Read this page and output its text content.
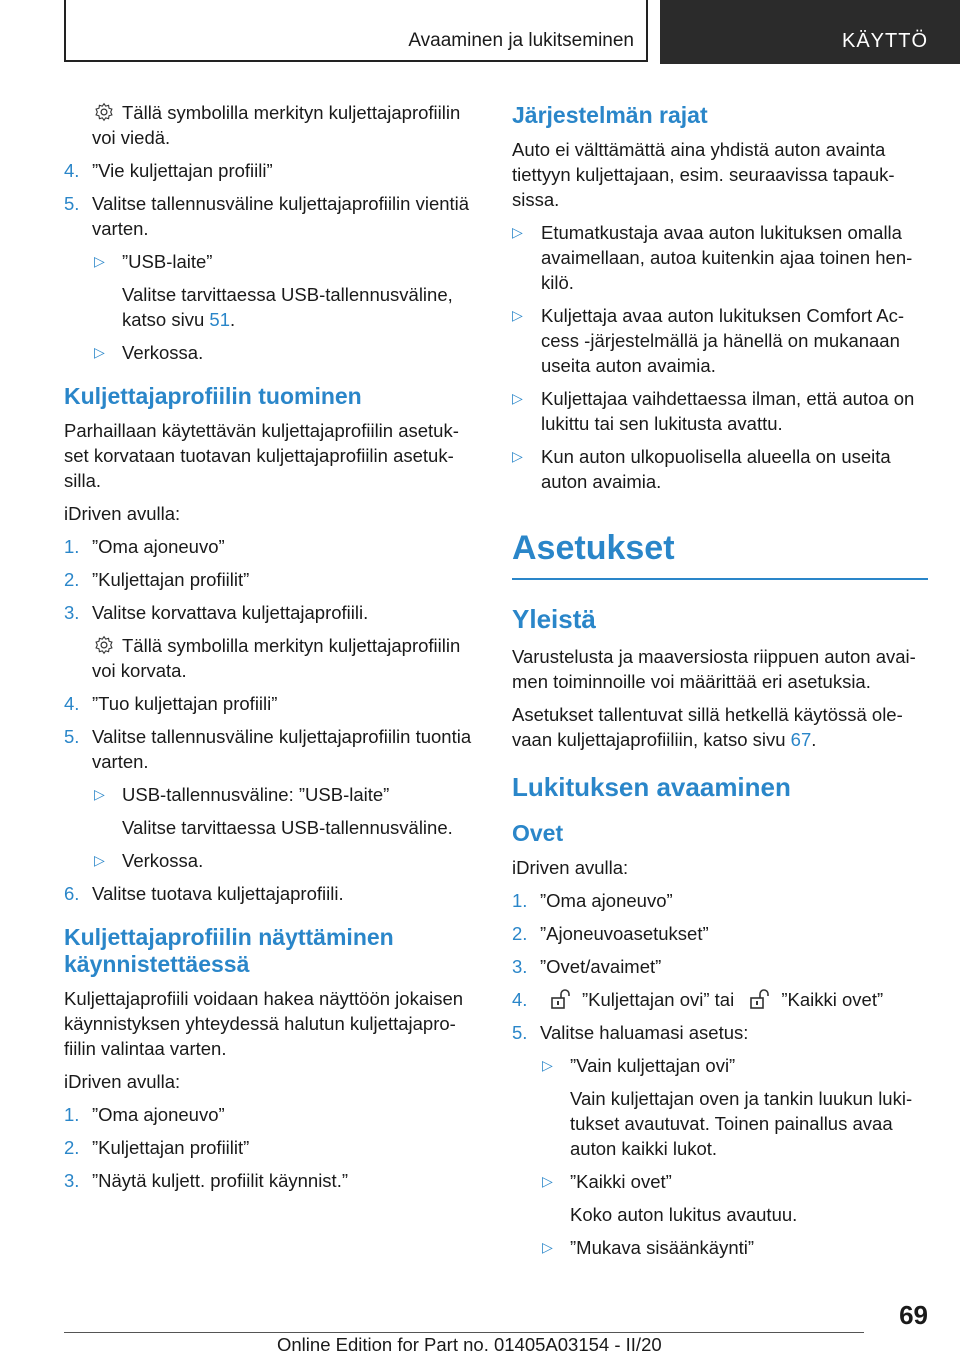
Avaaminen ja lukitseminen	KÄYTTÖ

Tällä symbolilla merkityn kuljettajaprofiilin voi viedä.

4. ”Vie kuljettajan profiili”
5. Valitse tallennusväline kuljettajaprofiilin vientiä varten.
▷ ”USB-laite”
Valitse tarvittaessa USB-tallennusväline, katso sivu 51.
▷ Verkossa.
Kuljettajaprofiilin tuominen

Parhaillaan käytettävän kuljettajaprofiilin asetukset korvataan tuotavan kuljettajaprofiilin asetuksilla.

iDriven avulla:

1. ”Oma ajoneuvo”
2. ”Kuljettajan profiilit”
3. Valitse korvattava kuljettajaprofiili.

Tällä symbolilla merkityn kuljettajaprofiilin voi korvata.

4. ”Tuo kuljettajan profiili”
5. Valitse tallennusväline kuljettajaprofiilin tuontia varten.
▷ USB-tallennusväline: ”USB-laite”
Valitse tarvittaessa USB-tallennusväline.
▷ Verkossa.
6. Valitse tuotava kuljettajaprofiili.
Kuljettajaprofiilin näyttäminen käynnistettäessä

Kuljettajaprofiili voidaan hakea näyttöön jokaisen käynnistyksen yhteydessä halutun kuljettajaprofiilin valintaa varten.

iDriven avulla:

1. ”Oma ajoneuvo”
2. ”Kuljettajan profiilit”
3. ”Näytä kuljett. profiilit käynnist.”
Järjestelmän rajat

Auto ei välttämättä aina yhdistä auton avainta tiettyyn kuljettajaan, esim. seuraavissa tapauksissa.

▷ Etumatkustaja avaa auton lukituksen omalla avaimellaan, autoa kuitenkin ajaa toinen henkilö.
▷ Kuljettaja avaa auton lukituksen Comfort Access -järjestelmällä ja hänellä on mukanaan useita auton avaimia.
▷ Kuljettajaa vaihdettaessa ilman, että autoa on lukittu tai sen lukitusta avattu.
▷ Kun auton ulkopuolisella alueella on useita auton avaimia.
Asetukset
Yleistä

Varustelusta ja maaversiosta riippuen auton avaimen toiminnoille voi määrittää eri asetuksia.

Asetukset tallentuvat sillä hetkellä käytössä olevaan kuljettajaprofiiliin, katso sivu 67.

Lukituksen avaaminen
Ovet

iDriven avulla:

1. ”Oma ajoneuvo”
2. ”Ajoneuvoasetukset”
3. ”Ovet/avaimet”
4.	”Kuljettajan ovi” tai	”Kaikki ovet”
5. Valitse haluamasi asetus:
▷ ”Vain kuljettajan ovi”
Vain kuljettajan oven ja tankin luukun lukitukset avautuvat. Toinen painallus avaa auton kaikki lukot.
▷ ”Kaikki ovet”
Koko auton lukitus avautuu.
▷ ”Mukava sisäänkäynti”
69
Online Edition for Part no. 01405A03154 - II/20
